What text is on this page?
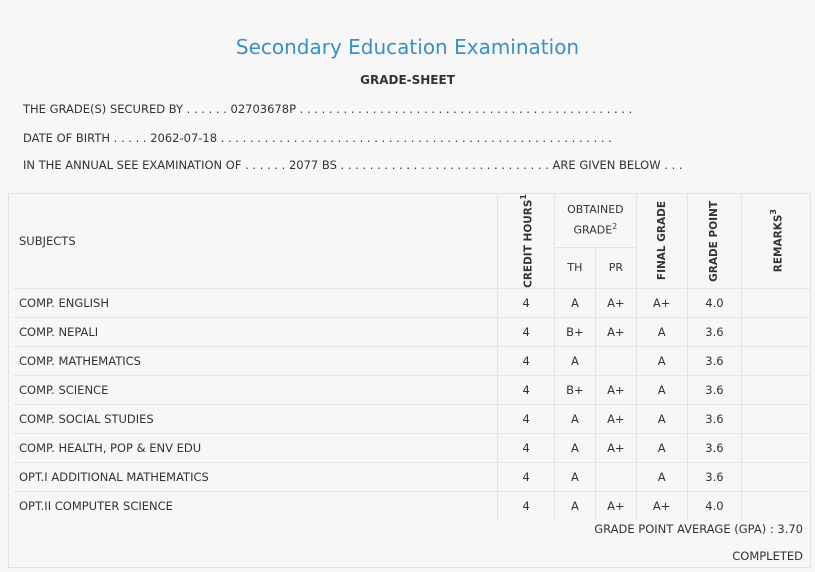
Secondary Education Examination
GRADE-SHEET
THE GRADE(S) SECURED BY . . . . . . 02703678P . . . . . . . . . . . . . . . . . . . . . . . . . . . . . . . . . . . . . . . . . . . . . .
DATE OF BIRTH . . . . . 2062-07-18 . . . . . . . . . . . . . . . . . . . . . . . . . . . . . . . . . . . . . . . . . . . . . . . . . . . . . .
IN THE ANNUAL SEE EXAMINATION OF . . . . . . 2077 BS . . . . . . . . . . . . . . . . . . . . . . . . . . . . . ARE GIVEN BELOW . . .
SUBJECTS	CREDIT HOURS$^1$	OBTAINED GRADE$^2$		FINAL GRADE	GRADE POINT	REMARKS$^3$

		TH	PR			
COMP. ENGLISH	4	A	A+	A+	4.0	
COMP. NEPALI	4	B+	A+	A	3.6	
COMP. MATHEMATICS	4	A		A	3.6	
COMP. SCIENCE	4	B+	A+	A	3.6	
COMP. SOCIAL STUDIES	4	A	A+	A	3.6	
COMP. HEALTH, POP & ENV EDU	4	A	A+	A	3.6	
OPT.I ADDITIONAL MATHEMATICS	4	A		A	3.6	
OPT.II COMPUTER SCIENCE	4	A	A+	A+	4.0	
GRADE POINT AVERAGE (GPA) : 3.70
COMPLETED
